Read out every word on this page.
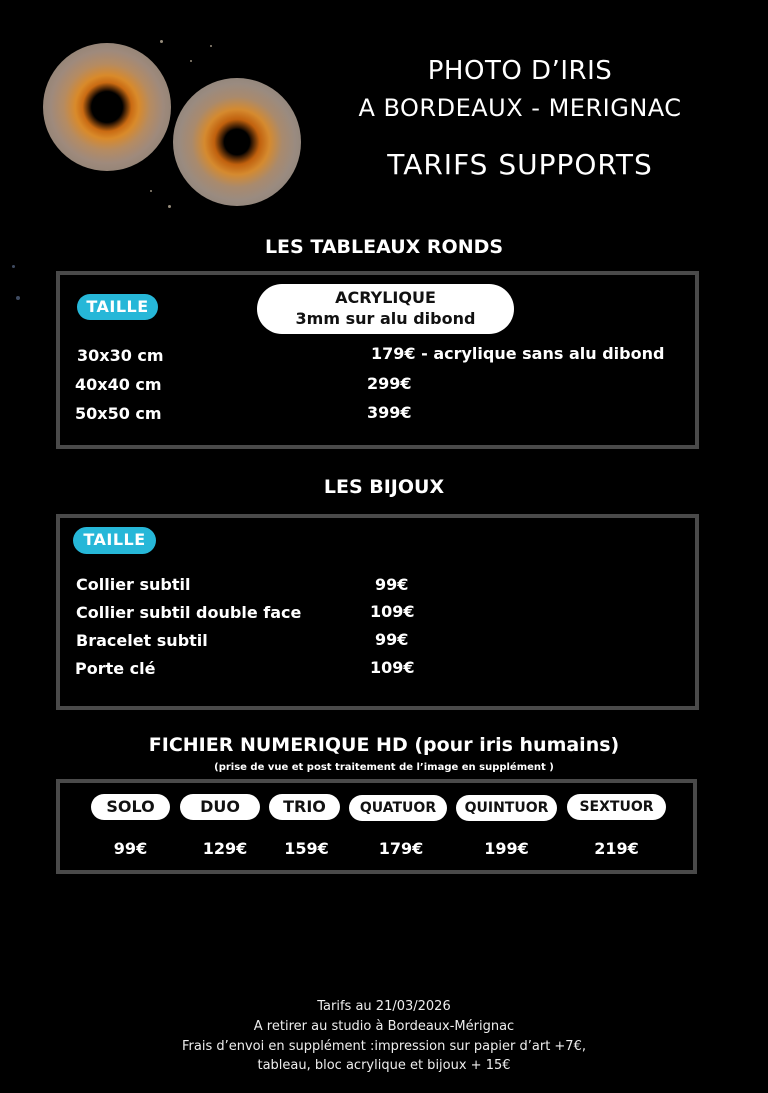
PHOTO D’IRIS
A BORDEAUX - MERIGNAC
TARIFS SUPPORTS
LES TABLEAUX RONDS
TAILLE	ACRYLIQUE
3mm sur alu dibond
30x30 cm	179€ - acrylique sans alu dibond
40x40 cm	299€
50x50 cm	399€
LES BIJOUX
TAILLE
Collier subtil	99€
Collier subtil double face	109€
Bracelet subtil	99€
Porte clé	109€
FICHIER NUMERIQUE HD (pour iris humains)
(prise de vue et post traitement de l’image en supplément )
SOLO	DUO	TRIO	QUATUOR	QUINTUOR	SEXTUOR
99€	129€	159€	179€	199€	219€
Tarifs au 21/03/2026
A retirer au studio à Bordeaux-Mérignac
Frais d’envoi en supplément :impression sur papier d’art +7€,
tableau, bloc acrylique et bijoux + 15€
